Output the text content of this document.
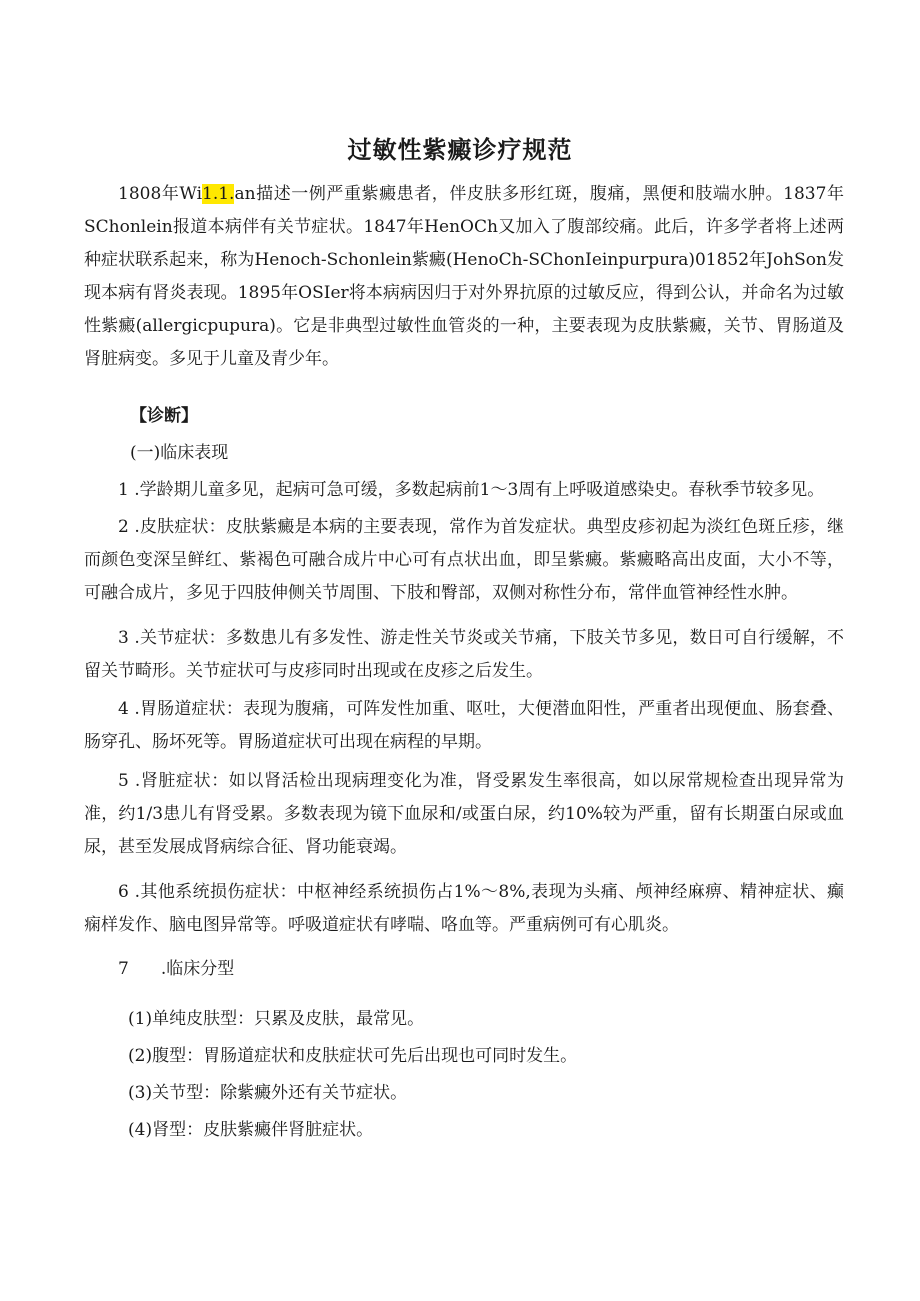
过敏性紫癜诊疗规范
1808年Wi1.1.an描述一例严重紫癜患者，伴皮肤多形红斑，腹痛，黑便和肢端水肿。1837年SChonlein报道本病伴有关节症状。1847年HenOCh又加入了腹部绞痛。此后，许多学者将上述两种症状联系起来，称为Henoch-Schonlein紫癜(HenoCh-SChonIeinpurpura)01852年JohSon发现本病有肾炎表现。1895年OSIer将本病病因归于对外界抗原的过敏反应，得到公认，并命名为过敏性紫癜(allergicpupura)。它是非典型过敏性血管炎的一种，主要表现为皮肤紫癜，关节、胃肠道及肾脏病变。多见于儿童及青少年。
【诊断】
(一)临床表现
1 .学龄期儿童多见，起病可急可缓，多数起病前1～3周有上呼吸道感染史。春秋季节较多见。
2 .皮肤症状：皮肤紫癜是本病的主要表现，常作为首发症状。典型皮疹初起为淡红色斑丘疹，继而颜色变深呈鲜红、紫褐色可融合成片中心可有点状出血，即呈紫癜。紫癜略高出皮面，大小不等，可融合成片，多见于四肢伸侧关节周围、下肢和臀部，双侧对称性分布，常伴血管神经性水肿。
3 .关节症状：多数患儿有多发性、游走性关节炎或关节痛，下肢关节多见，数日可自行缓解，不留关节畸形。关节症状可与皮疹同时出现或在皮疹之后发生。
4 .胃肠道症状：表现为腹痛，可阵发性加重、呕吐，大便潜血阳性，严重者出现便血、肠套叠、肠穿孔、肠坏死等。胃肠道症状可出现在病程的早期。
5 .肾脏症状：如以肾活检出现病理变化为准，肾受累发生率很高，如以尿常规检查出现异常为准，约1/3患儿有肾受累。多数表现为镜下血尿和/或蛋白尿，约10%较为严重，留有长期蛋白尿或血尿，甚至发展成肾病综合征、肾功能衰竭。
6 .其他系统损伤症状：中枢神经系统损伤占1%～8%,表现为头痛、颅神经麻痹、精神症状、癫痫样发作、脑电图异常等。呼吸道症状有哮喘、咯血等。严重病例可有心肌炎。
7 .临床分型
(1)单纯皮肤型：只累及皮肤，最常见。
(2)腹型：胃肠道症状和皮肤症状可先后出现也可同时发生。
(3)关节型：除紫癜外还有关节症状。
(4)肾型：皮肤紫癜伴肾脏症状。
